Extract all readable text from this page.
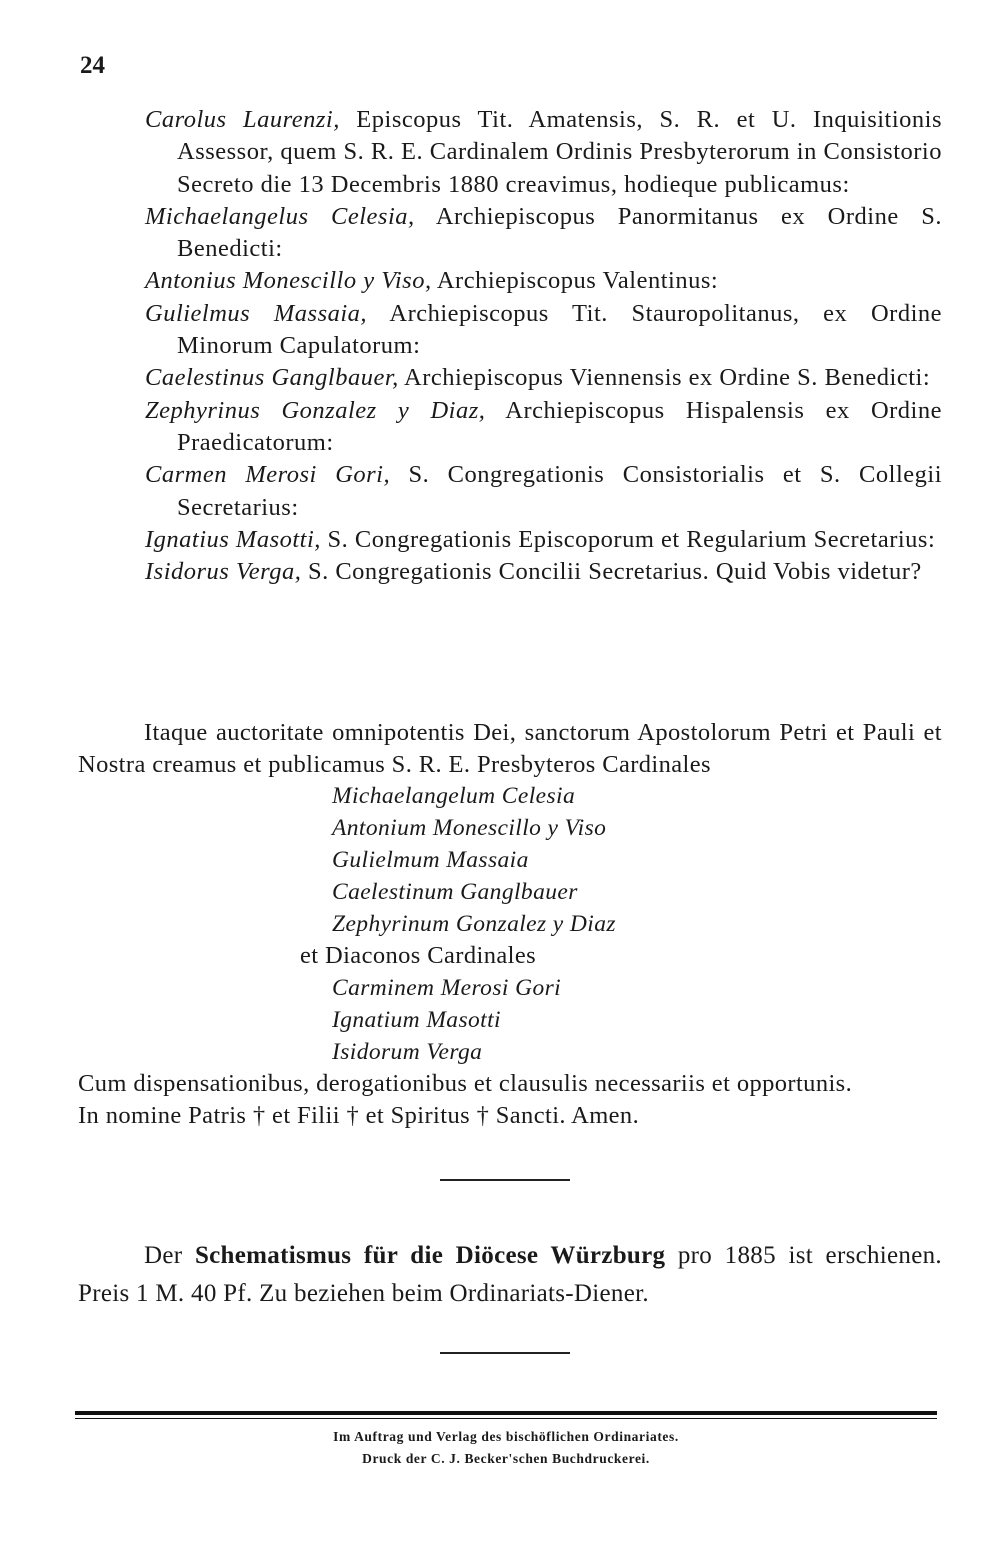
24
Carolus Laurenzi, Episcopus Tit. Amatensis, S. R. et U. Inquisitionis Assessor, quem S. R. E. Cardinalem Ordinis Presbyterorum in Consistorio Secreto die 13 Decembris 1880 creavimus, hodieque publicamus:
Michaelangelus Celesia, Archiepiscopus Panormitanus ex Ordine S. Benedicti:
Antonius Monescillo y Viso, Archiepiscopus Valentinus:
Gulielmus Massaia, Archiepiscopus Tit. Stauropolitanus, ex Ordine Minorum Capulatorum:
Caelestinus Ganglbauer, Archiepiscopus Viennensis ex Ordine S. Benedicti:
Zephyrinus Gonzalez y Diaz, Archiepiscopus Hispalensis ex Ordine Praedicatorum:
Carmen Merosi Gori, S. Congregationis Consistorialis et S. Collegii Secretarius:
Ignatius Masotti, S. Congregationis Episcoporum et Regularium Secretarius:
Isidorus Verga, S. Congregationis Concilii Secretarius. Quid Vobis videtur?

Itaque auctoritate omnipotentis Dei, sanctorum Apostolorum Petri et Pauli et Nostra creamus et publicamus S. R. E. Presbyteros Cardinales

Michaelangelum Celesia
Antonium Monescillo y Viso
Gulielmum Massaia
Caelestinum Ganglbauer
Zephyrinum Gonzalez y Diaz
et Diaconos Cardinales
Carminem Merosi Gori
Ignatium Masotti
Isidorum Verga

Cum dispensationibus, derogationibus et clausulis necessariis et opportunis.

In nomine Patris † et Filii † et Spiritus † Sancti. Amen.

Der Schematismus für die Diöcese Würzburg pro 1885 ist erschienen. Preis 1 M. 40 Pf. Zu beziehen beim Ordinariats-Diener.

Im Auftrag und Verlag des bischöflichen Ordinariates.
Druck der C. J. Becker'schen Buchdruckerei.
